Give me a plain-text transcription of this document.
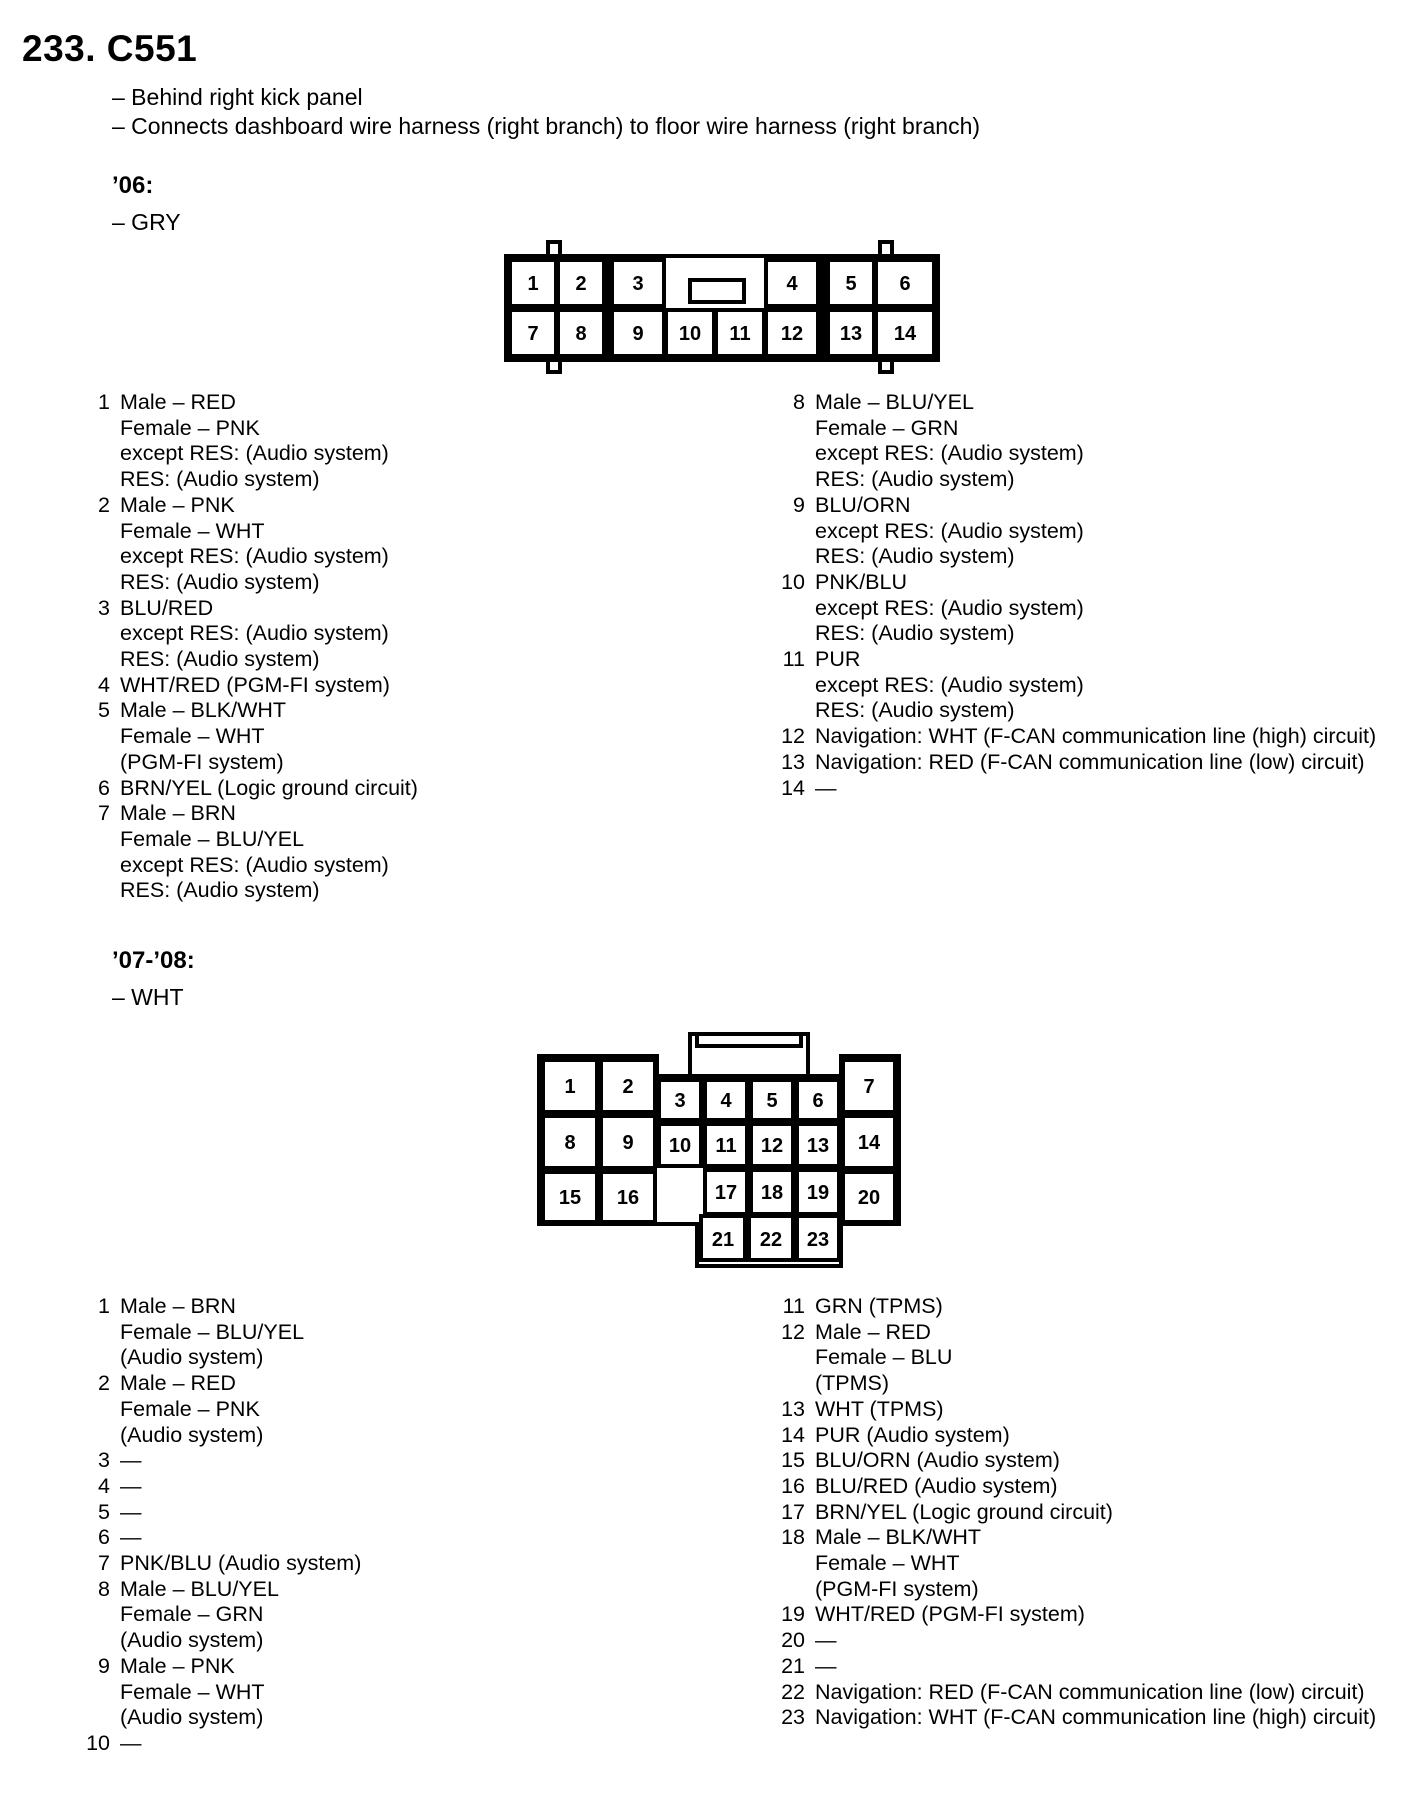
233. C551
– Behind right kick panel
– Connects dashboard wire harness (right branch) to floor wire harness (right branch)
’06:
– GRY
1 2 3	4 5 6
7 8 9 10 11 12 13 14
1 Male – RED
Female – PNK
except RES: (Audio system)
RES: (Audio system)
2 Male – PNK
Female – WHT
except RES: (Audio system)
RES: (Audio system)
3 BLU/RED
except RES: (Audio system)
RES: (Audio system)
4 WHT/RED (PGM-FI system)
5 Male – BLK/WHT
Female – WHT
(PGM-FI system)
6 BRN/YEL (Logic ground circuit)
7 Male – BRN
Female – BLU/YEL
except RES: (Audio system)
RES: (Audio system)
8 Male – BLU/YEL
Female – GRN
except RES: (Audio system)
RES: (Audio system)
9 BLU/ORN
except RES: (Audio system)
RES: (Audio system)
10 PNK/BLU
except RES: (Audio system)
RES: (Audio system)
11 PUR
except RES: (Audio system)
RES: (Audio system)
12 Navigation: WHT (F-CAN communication line (high) circuit)
13 Navigation: RED (F-CAN communication line (low) circuit)
14 —
’07-’08:
– WHT
1 2
3 4 5 6
7
8 9 10 11 12 13 14
15 16	17 18 19 20
21 22 23
1 Male – BRN
Female – BLU/YEL
(Audio system)
2 Male – RED
Female – PNK
(Audio system)
3 —
4 —
5 —
6 —
7 PNK/BLU (Audio system)
8 Male – BLU/YEL
Female – GRN
(Audio system)
9 Male – PNK
Female – WHT
(Audio system)
10 —
11 GRN (TPMS)
12 Male – RED
Female – BLU
(TPMS)
13 WHT (TPMS)
14 PUR (Audio system)
15 BLU/ORN (Audio system)
16 BLU/RED (Audio system)
17 BRN/YEL (Logic ground circuit)
18 Male – BLK/WHT
Female – WHT
(PGM-FI system)
19 WHT/RED (PGM-FI system)
20 —
21 —
22 Navigation: RED (F-CAN communication line (low) circuit)
23 Navigation: WHT (F-CAN communication line (high) circuit)
